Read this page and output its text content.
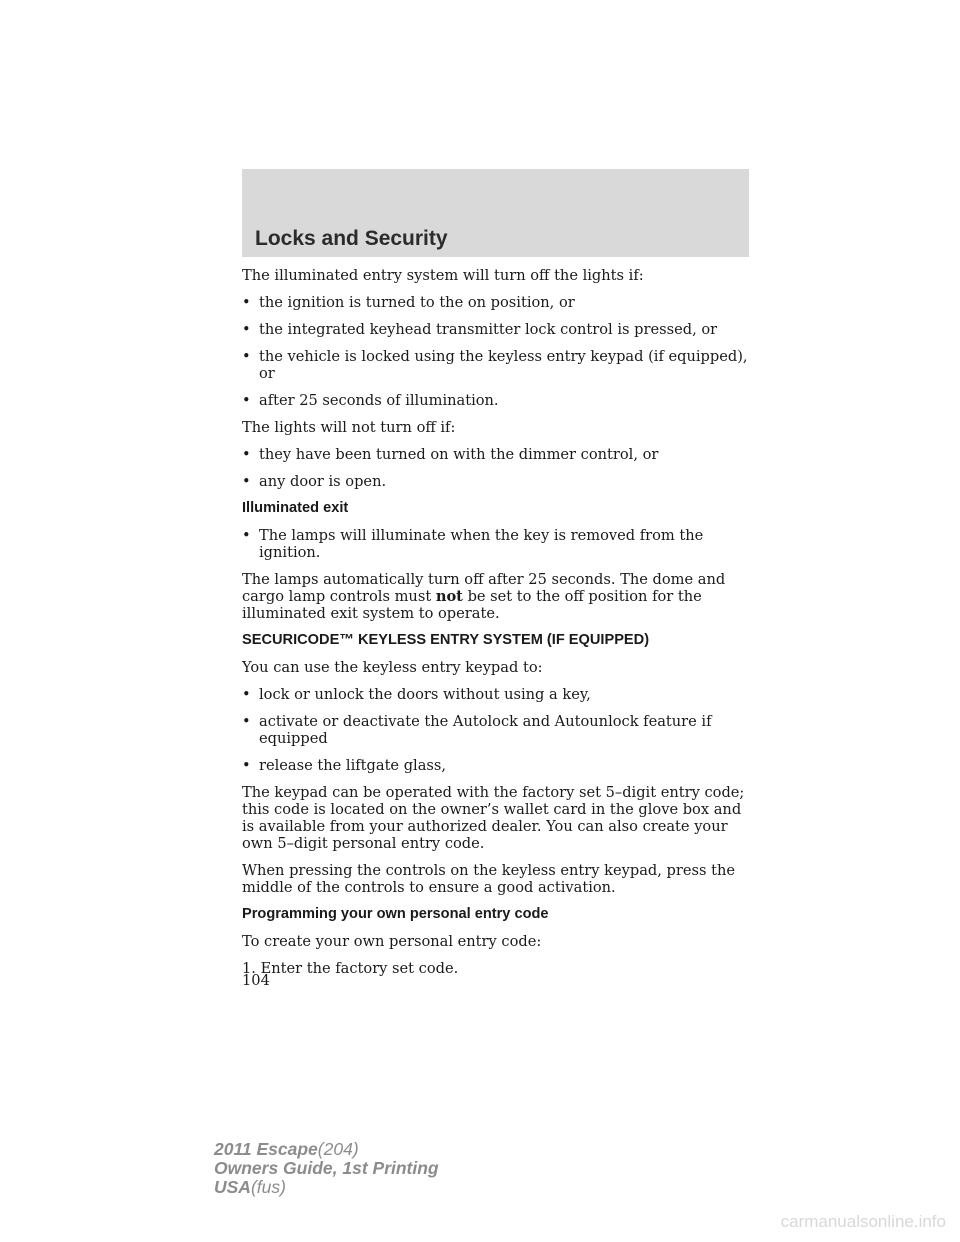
Locks and Security

The illuminated entry system will turn off the lights if:

• the ignition is turned to the on position, or
• the integrated keyhead transmitter lock control is pressed, or
• the vehicle is locked using the keyless entry keypad (if equipped), or
• after 25 seconds of illumination.

The lights will not turn off if:

• they have been turned on with the dimmer control, or
• any door is open.
Illuminated exit
• The lamps will illuminate when the key is removed from the ignition.

The lamps automatically turn off after 25 seconds. The dome and cargo lamp controls must not be set to the off position for the illuminated exit system to operate.

SECURICODE™ KEYLESS ENTRY SYSTEM (IF EQUIPPED)

You can use the keyless entry keypad to:

• lock or unlock the doors without using a key,
• activate or deactivate the Autolock and Autounlock feature if equipped
• release the liftgate glass,

The keypad can be operated with the factory set 5–digit entry code; this code is located on the owner’s wallet card in the glove box and is available from your authorized dealer. You can also create your own 5–digit personal entry code.

When pressing the controls on the keyless entry keypad, press the middle of the controls to ensure a good activation.

Programming your own personal entry code

To create your own personal entry code:

1. Enter the factory set code.

104
2011 Escape(204)
Owners Guide, 1st Printing
USA(fus)
carmanualsonline.info
